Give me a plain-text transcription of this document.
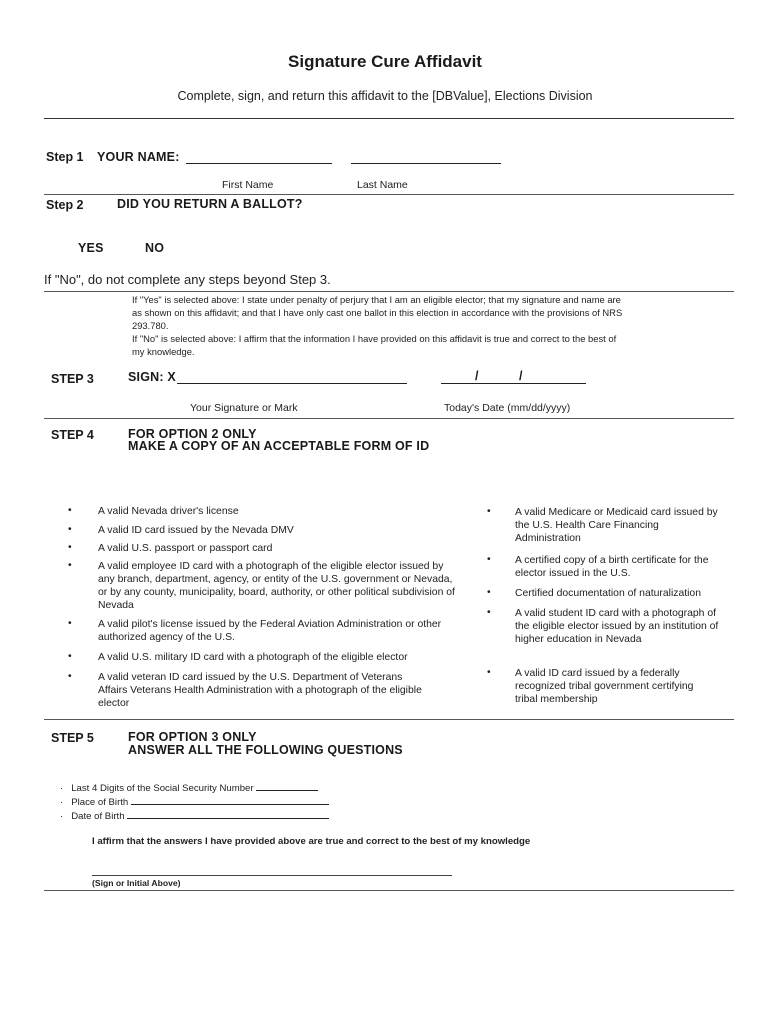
Signature Cure Affidavit
Complete, sign, and return this affidavit to the [DBValue], Elections Division
Step 1 YOUR NAME:
First Name	Last Name
Step 2	DID YOU RETURN A BALLOT?
YES	NO
If "No", do not complete any steps beyond Step 3.
If "Yes" is selected above: I state under penalty of perjury that I am an eligible elector; that my signature and name are
as shown on this affidavit; and that I have only cast one ballot in this election in accordance with the provisions of NRS
293.780.
If "No" is selected above: I affirm that the information I have provided on this affidavit is true and correct to the best of
my knowledge.
STEP 3	SIGN: X	/	/
Your Signature or Mark	Today's Date (mm/dd/yyyy)
STEP 4	FOR OPTION 2 ONLY
MAKE A COPY OF AN ACCEPTABLE FORM OF ID
•	A valid Nevada driver's license
•	A valid ID card issued by the Nevada DMV
•	A valid U.S. passport or passport card
•	A valid employee ID card with a photograph of the eligible elector issued by any branch, department, agency, or entity of the U.S. government or Nevada, or by any county, municipality, board, authority, or other political subdivision of Nevada
•	A valid pilot's license issued by the Federal Aviation Administration or other authorized agency of the U.S.
•	A valid U.S. military ID card with a photograph of the eligible elector
•	A valid veteran ID card issued by the U.S. Department of Veterans Affairs Veterans Health Administration with a photograph of the eligible elector
• A valid Medicare or Medicaid card issued by the U.S. Health Care Financing Administration
• A certified copy of a birth certificate for the elector issued in the U.S.
• Certified documentation of naturalization
• A valid student ID card with a photograph of the eligible elector issued by an institution of higher education in Nevada
• A valid ID card issued by a federally recognized tribal government certifying tribal membership
STEP 5	FOR OPTION 3 ONLY
ANSWER ALL THE FOLLOWING QUESTIONS
· Last 4 Digits of the Social Security Number
· Place of Birth
· Date of Birth
I affirm that the answers I have provided above are true and correct to the best of my knowledge
(Sign or Initial Above)
